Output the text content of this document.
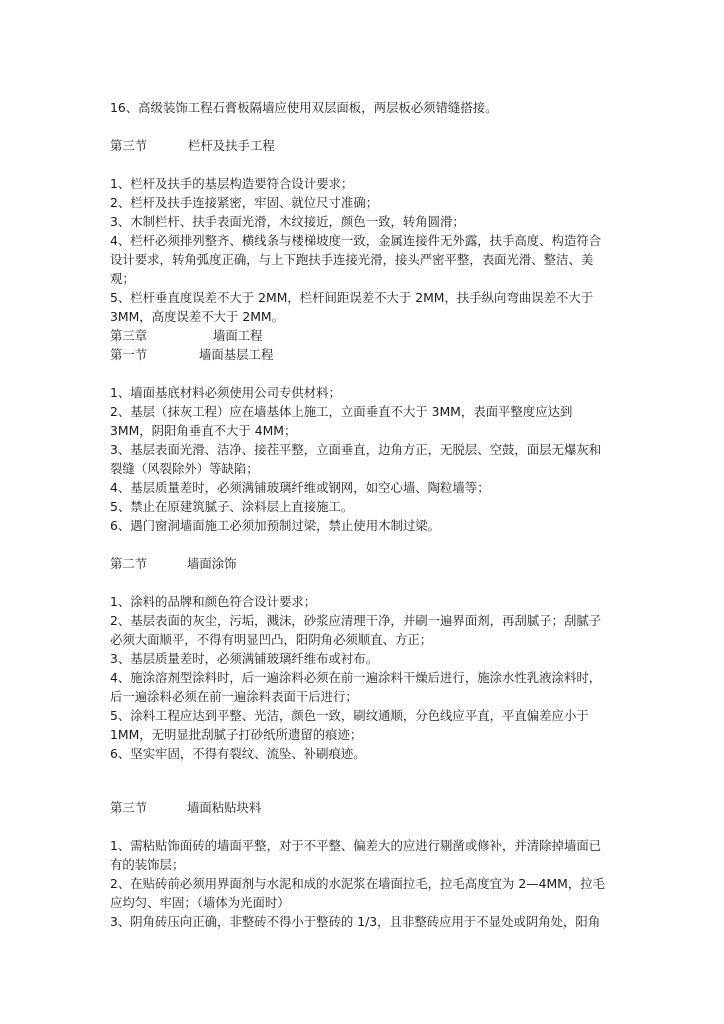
16、高级装饰工程石膏板隔墙应使用双层面板，两层板必须错缝搭接。
第三节	栏杆及扶手工程
1、栏杆及扶手的基层构造要符合设计要求；
2、栏杆及扶手连接紧密，牢固、就位尺寸准确；
3、木制栏杆、扶手表面光滑，木纹接近，颜色一致，转角圆滑；
4、栏杆必须排列整齐、横线条与楼梯坡度一致，金属连接件无外露，扶手高度、构造符合
设计要求，转角弧度正确，与上下跑扶手连接光滑，接头严密平整，表面光滑、整洁、美
观；
5、栏杆垂直度误差不大于 2MM，栏杆间距误差不大于 2MM，扶手纵向弯曲误差不大于
3MM，高度误差不大于 2MM。
第三章	墙面工程
第一节	墙面基层工程
1、墙面基底材料必须使用公司专供材料；
2、基层（抹灰工程）应在墙基体上施工，立面垂直不大于 3MM，表面平整度应达到
3MM，阴阳角垂直不大于 4MM；
3、基层表面光滑、洁净、接茬平整，立面垂直，边角方正，无脱层、空鼓，面层无爆灰和
裂缝（风裂除外）等缺陷；
4、基层质量差时，必须满铺玻璃纤维或钢网，如空心墙、陶粒墙等；
5、禁止在原建筑腻子、涂料层上直接施工。
6、遇门窗洞墙面施工必须加预制过梁，禁止使用木制过梁。
第二节	墙面涂饰
1、涂料的品牌和颜色符合设计要求；
2、基层表面的灰尘，污垢，溅沫，砂浆应清理干净，并刷一遍界面剂，再刮腻子；刮腻子
必须大面顺平，不得有明显凹凸，阳阴角必须顺直、方正；
3、基层质量差时，必须满铺玻璃纤维布或衬布。
4、施涂溶剂型涂料时，后一遍涂料必须在前一遍涂料干燥后进行，施涂水性乳液涂料时，
后一遍涂料必须在前一遍涂料表面干后进行；
5、涂料工程应达到平整、光洁，颜色一致，刷纹通顺，分色线应平直，平直偏差应小于
1MM，无明显批刮腻子打砂纸所遗留的痕迹；
6、坚实牢固，不得有裂纹、流坠、补刷痕迹。
第三节	墙面粘贴块料
1、需粘贴饰面砖的墙面平整，对于不平整、偏差大的应进行剔凿或修补，并清除掉墙面已
有的装饰层；
2、在贴砖前必须用界面剂与水泥和成的水泥浆在墙面拉毛，拉毛高度宜为 2—4MM，拉毛
应均匀、牢固；（墙体为光面时）
3、阴角砖压向正确，非整砖不得小于整砖的 1/3，且非整砖应用于不显处或阴角处，阳角
